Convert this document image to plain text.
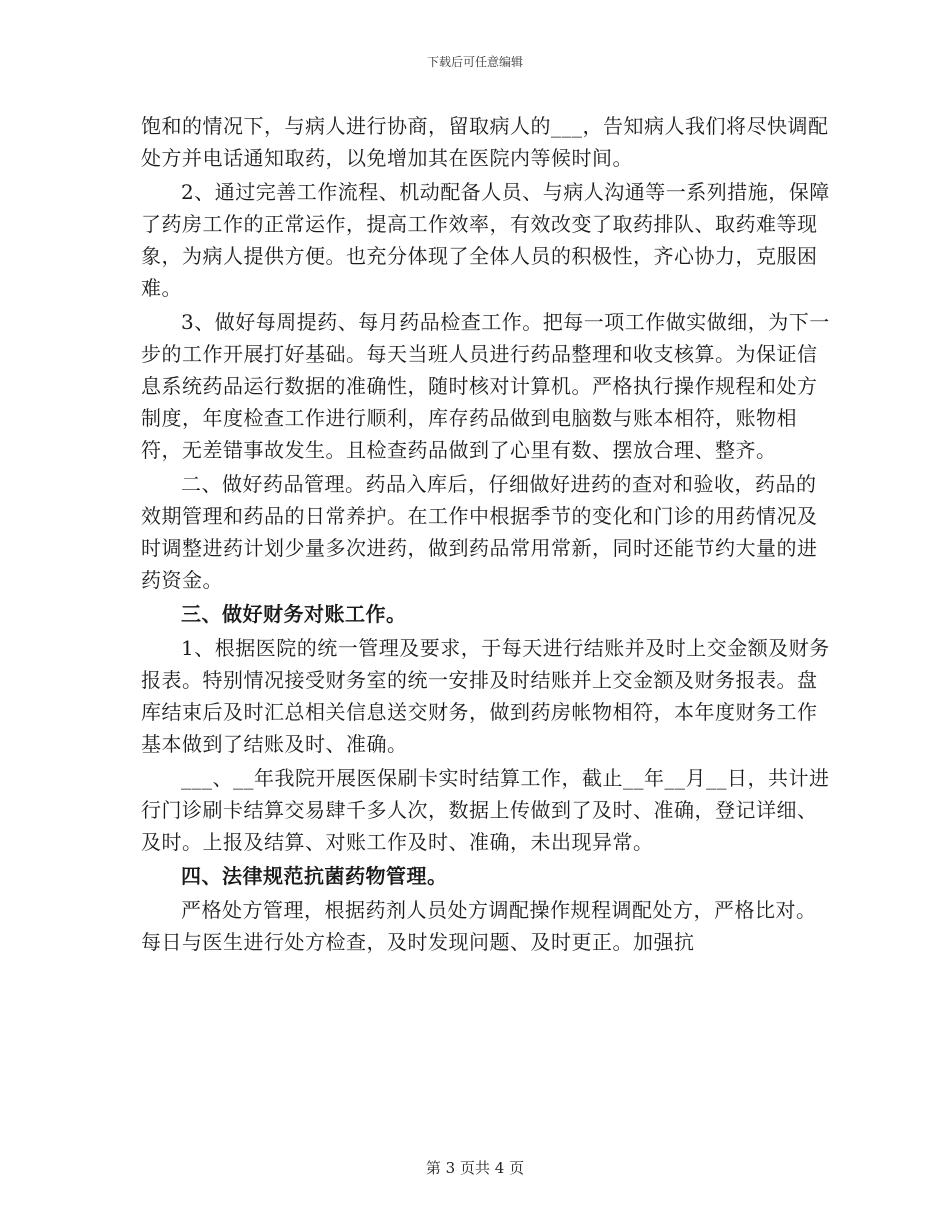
下载后可任意编辑

饱和的情况下，与病人进行协商，留取病人的___，告知病人我们将尽快调配处方并电话通知取药，以免增加其在医院内等候时间。

2、通过完善工作流程、机动配备人员、与病人沟通等一系列措施，保障了药房工作的正常运作，提高工作效率，有效改变了取药排队、取药难等现象，为病人提供方便。也充分体现了全体人员的积极性，齐心协力，克服困难。

3、做好每周提药、每月药品检查工作。把每一项工作做实做细，为下一步的工作开展打好基础。每天当班人员进行药品整理和收支核算。为保证信息系统药品运行数据的准确性，随时核对计算机。严格执行操作规程和处方制度，年度检查工作进行顺利，库存药品做到电脑数与账本相符，账物相符，无差错事故发生。且检查药品做到了心里有数、摆放合理、整齐。

二、做好药品管理。药品入库后，仔细做好进药的查对和验收，药品的效期管理和药品的日常养护。在工作中根据季节的变化和门诊的用药情况及时调整进药计划少量多次进药，做到药品常用常新，同时还能节约大量的进药资金。

三、做好财务对账工作。

1、根据医院的统一管理及要求，于每天进行结账并及时上交金额及财务报表。特别情况接受财务室的统一安排及时结账并上交金额及财务报表。盘库结束后及时汇总相关信息送交财务，做到药房帐物相符，本年度财务工作基本做到了结账及时、准确。

___、__年我院开展医保刷卡实时结算工作，截止__年__月__日，共计进行门诊刷卡结算交易肆千多人次，数据上传做到了及时、准确，登记详细、及时。上报及结算、对账工作及时、准确，未出现异常。

四、法律规范抗菌药物管理。

严格处方管理，根据药剂人员处方调配操作规程调配处方，严格比对。每日与医生进行处方检查，及时发现问题、及时更正。加强抗

第 3 页共 4 页
